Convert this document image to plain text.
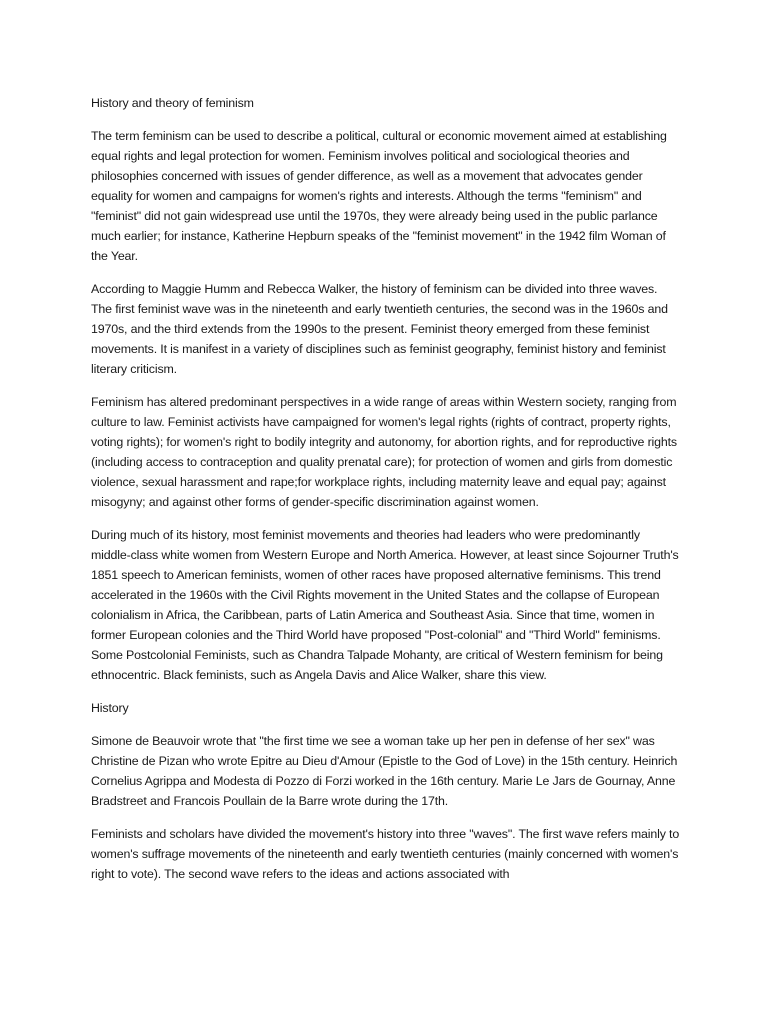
History and theory of feminism

The term feminism can be used to describe a political, cultural or economic movement aimed at establishing equal rights and legal protection for women. Feminism involves political and sociological theories and philosophies concerned with issues of gender difference, as well as a movement that advocates gender equality for women and campaigns for women's rights and interests. Although the terms "feminism" and "feminist" did not gain widespread use until the 1970s, they were already being used in the public parlance much earlier; for instance, Katherine Hepburn speaks of the "feminist movement" in the 1942 film Woman of the Year.

According to Maggie Humm and Rebecca Walker, the history of feminism can be divided into three waves. The first feminist wave was in the nineteenth and early twentieth centuries, the second was in the 1960s and 1970s, and the third extends from the 1990s to the present. Feminist theory emerged from these feminist movements. It is manifest in a variety of disciplines such as feminist geography, feminist history and feminist literary criticism.

Feminism has altered predominant perspectives in a wide range of areas within Western society, ranging from culture to law. Feminist activists have campaigned for women's legal rights (rights of contract, property rights, voting rights); for women's right to bodily integrity and autonomy, for abortion rights, and for reproductive rights (including access to contraception and quality prenatal care); for protection of women and girls from domestic violence, sexual harassment and rape;for workplace rights, including maternity leave and equal pay; against misogyny; and against other forms of gender-specific discrimination against women.

During much of its history, most feminist movements and theories had leaders who were predominantly middle-class white women from Western Europe and North America. However, at least since Sojourner Truth's 1851 speech to American feminists, women of other races have proposed alternative feminisms. This trend accelerated in the 1960s with the Civil Rights movement in the United States and the collapse of European colonialism in Africa, the Caribbean, parts of Latin America and Southeast Asia. Since that time, women in former European colonies and the Third World have proposed "Post-colonial" and "Third World" feminisms. Some Postcolonial Feminists, such as Chandra Talpade Mohanty, are critical of Western feminism for being ethnocentric. Black feminists, such as Angela Davis and Alice Walker, share this view.

History

Simone de Beauvoir wrote that "the first time we see a woman take up her pen in defense of her sex" was Christine de Pizan who wrote Epitre au Dieu d'Amour (Epistle to the God of Love) in the 15th century. Heinrich Cornelius Agrippa and Modesta di Pozzo di Forzi worked in the 16th century. Marie Le Jars de Gournay, Anne Bradstreet and Francois Poullain de la Barre wrote during the 17th.

Feminists and scholars have divided the movement's history into three "waves". The first wave refers mainly to women's suffrage movements of the nineteenth and early twentieth centuries (mainly concerned with women's right to vote). The second wave refers to the ideas and actions associated with
